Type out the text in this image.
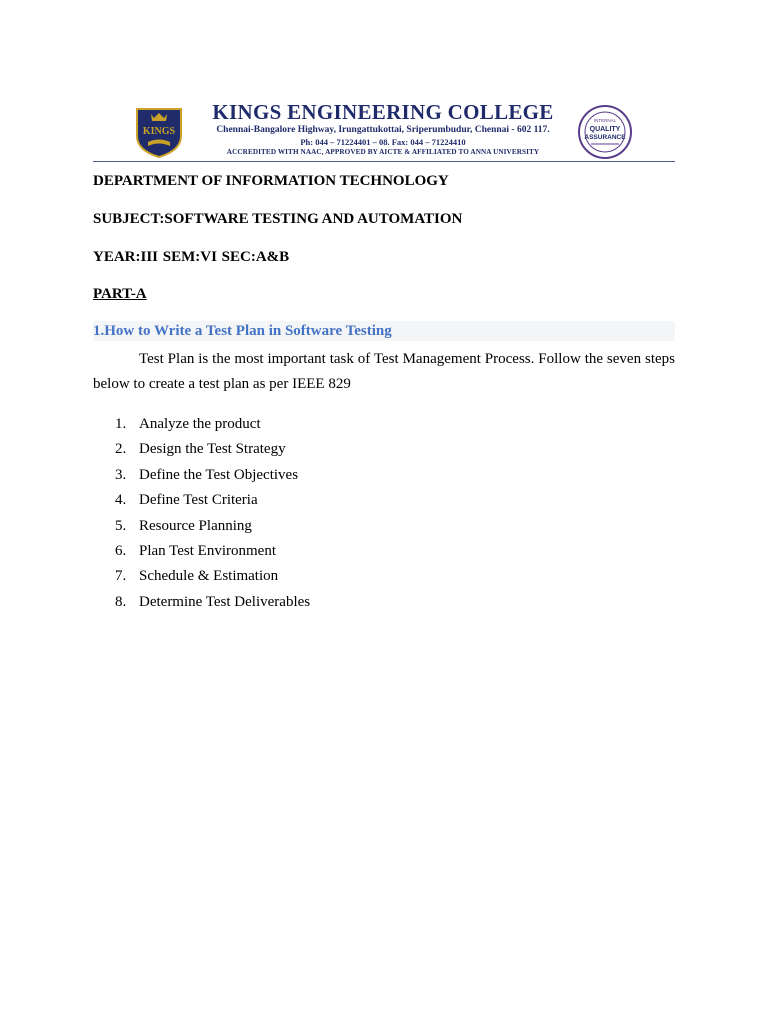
KINGS
KINGS ENGINEERING COLLEGE
Chennai-Bangalore Highway, Irungattukottai, Sriperumbudur, Chennai - 602 117.
Ph: 044 – 71224401 – 08. Fax: 044 – 71224410
ACCREDITED WITH NAAC, APPROVED BY AICTE & AFFILIATED TO ANNA UNIVERSITY
INTERNAL
QUALITY
ASSURANCE
DEPARTMENT OF INFORMATION TECHNOLOGY
SUBJECT:SOFTWARE TESTING AND AUTOMATION
YEAR:III SEM:VI SEC:A&B
PART-A
1.How to Write a Test Plan in Software Testing
Test Plan is the most important task of Test Management Process. Follow the seven steps below to create a test plan as per IEEE 829
1. Analyze the product
2. Design the Test Strategy
3. Define the Test Objectives
4. Define Test Criteria
5. Resource Planning
6. Plan Test Environment
7. Schedule & Estimation
8. Determine Test Deliverables
